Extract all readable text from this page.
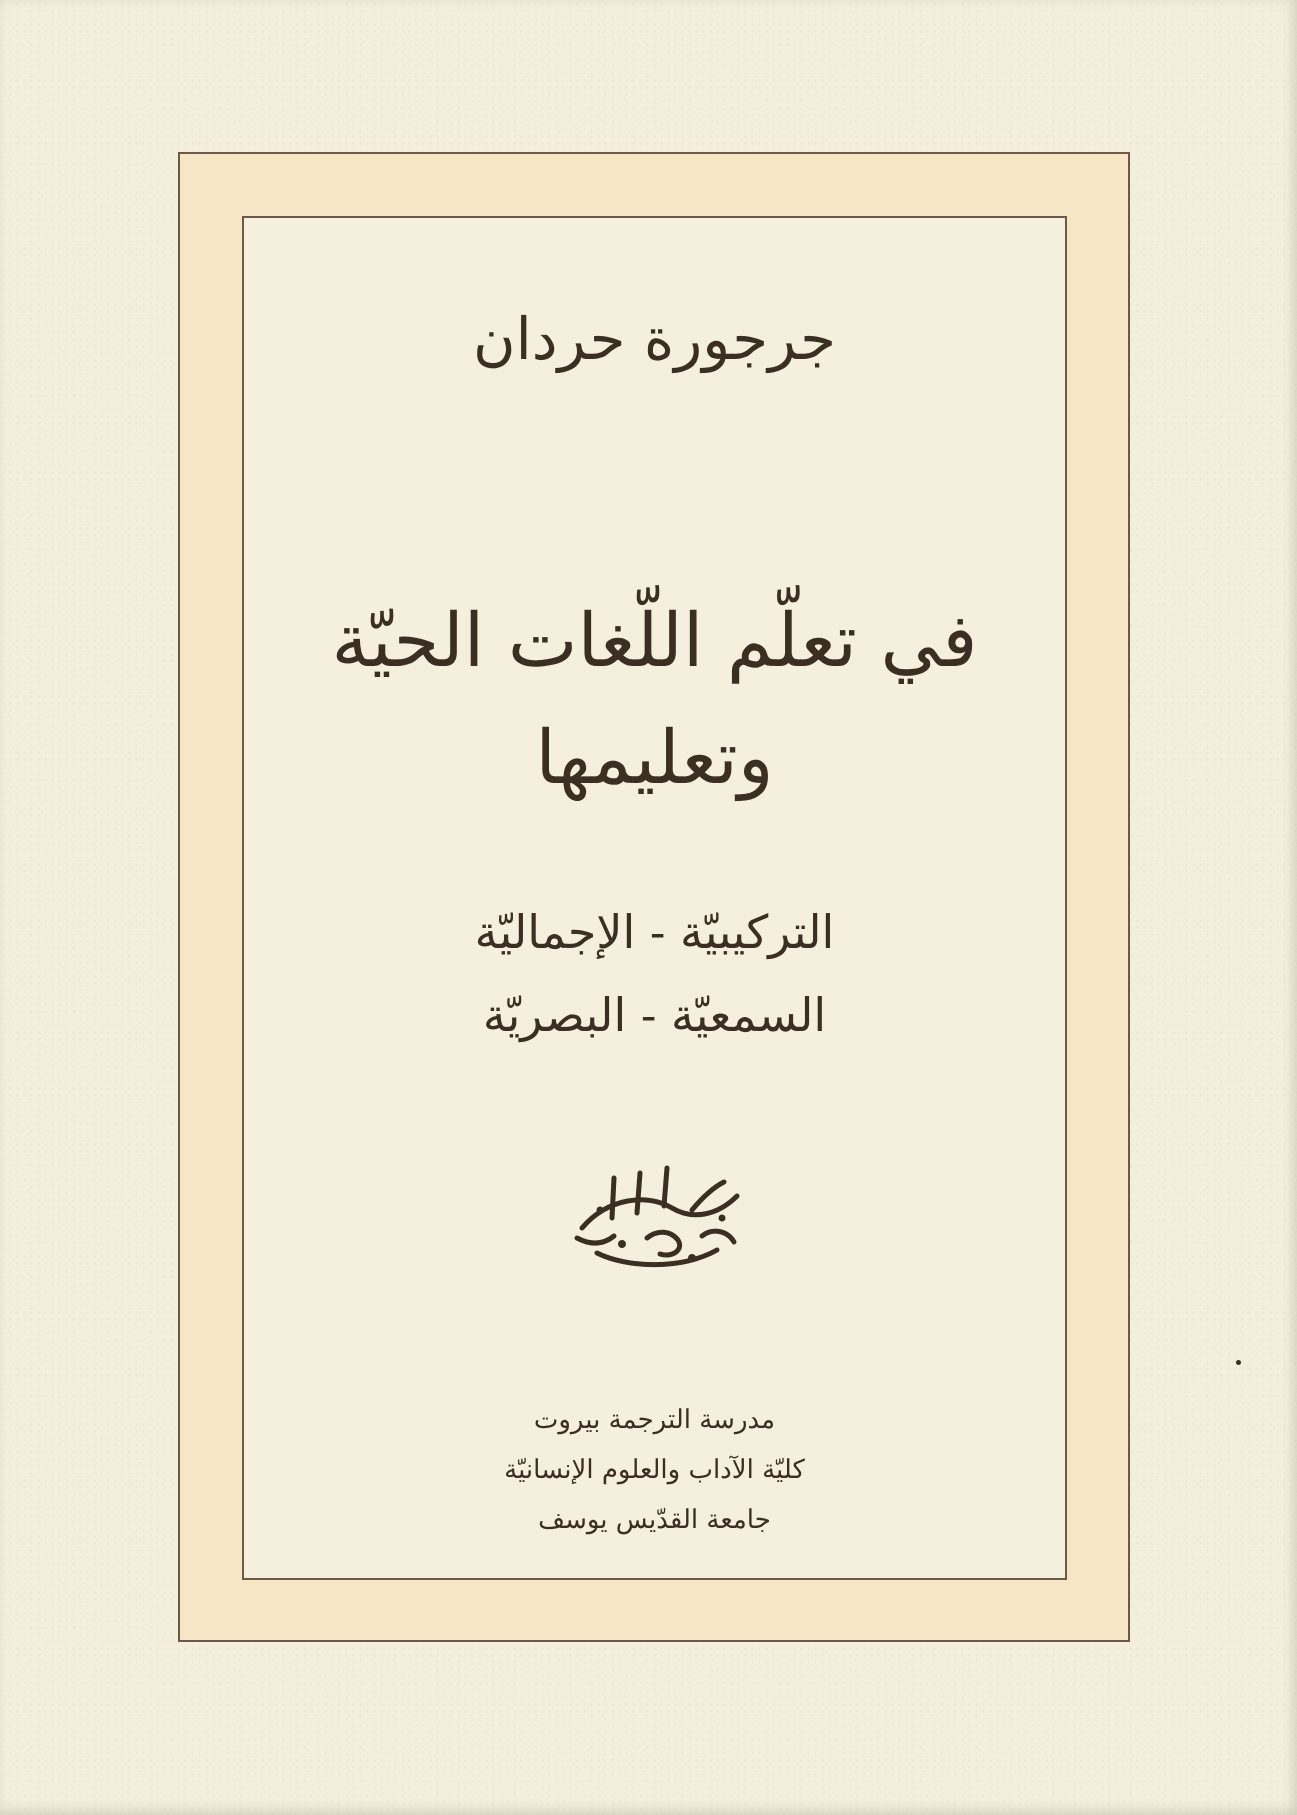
جرجورة حردان
في تعلّم اللّغات الحيّة
وتعليمها
التركيبيّة - الإجماليّة
السمعيّة - البصريّة
مدرسة الترجمة بيروت
كليّة الآداب والعلوم الإنسانيّة
جامعة القدّيس يوسف
